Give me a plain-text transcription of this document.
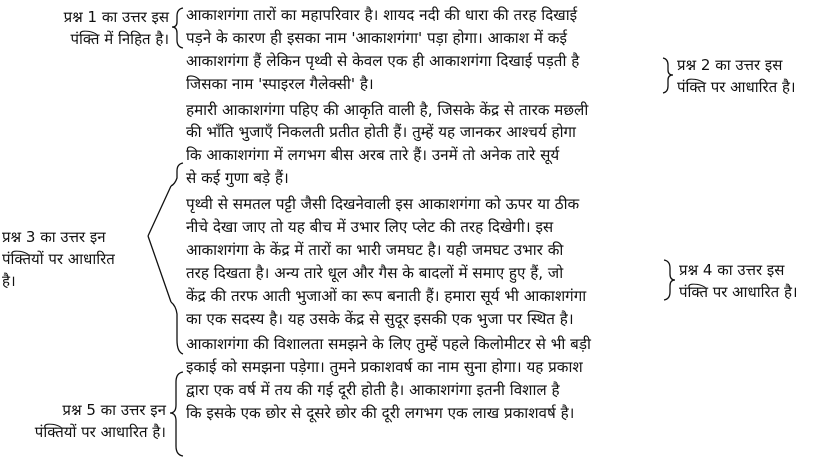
प्रश्न 1 का उत्तर इस
पंक्ति में निहित है।
प्रश्न 3 का उत्तर इन
पंक्तियों पर आधारित
है।
प्रश्न 5 का उत्तर इन
पंक्तियों पर आधारित है।
प्रश्न 2 का उत्तर इस
पंक्ति पर आधारित है।
प्रश्न 4 का उत्तर इस
पंक्ति पर आधारित है।
आकाशगंगा तारों का महापरिवार है। शायद नदी की धारा की तरह दिखाई
पड़ने के कारण ही इसका नाम 'आकाशगंगा' पड़ा होगा। आकाश में कई
आकाशगंगा हैं लेकिन पृथ्वी से केवल एक ही आकाशगंगा दिखाई पड़ती है
जिसका नाम 'स्पाइरल गैलेक्सी' है।
हमारी आकाशगंगा पहिए की आकृति वाली है, जिसके केंद्र से तारक मछली
की भाँति भुजाएँ निकलती प्रतीत होती हैं। तुम्हें यह जानकर आश्चर्य होगा
कि आकाशगंगा में लगभग बीस अरब तारे हैं। उनमें तो अनेक तारे सूर्य
से कई गुणा बड़े हैं।
पृथ्वी से समतल पट्टी जैसी दिखनेवाली इस आकाशगंगा को ऊपर या ठीक
नीचे देखा जाए तो यह बीच में उभार लिए प्लेट की तरह दिखेगी। इस
आकाशगंगा के केंद्र में तारों का भारी जमघट है। यही जमघट उभार की
तरह दिखता है। अन्य तारे धूल और गैस के बादलों में समाए हुए हैं, जो
केंद्र की तरफ आती भुजाओं का रूप बनाती हैं। हमारा सूर्य भी आकाशगंगा
का एक सदस्य है। यह उसके केंद्र से सुदूर इसकी एक भुजा पर स्थित है।
आकाशगंगा की विशालता समझने के लिए तुम्हें पहले किलोमीटर से भी बड़ी
इकाई को समझना पड़ेगा। तुमने प्रकाशवर्ष का नाम सुना होगा। यह प्रकाश
द्वारा एक वर्ष में तय की गई दूरी होती है। आकाशगंगा इतनी विशाल है
कि इसके एक छोर से दूसरे छोर की दूरी लगभग एक लाख प्रकाशवर्ष है।
